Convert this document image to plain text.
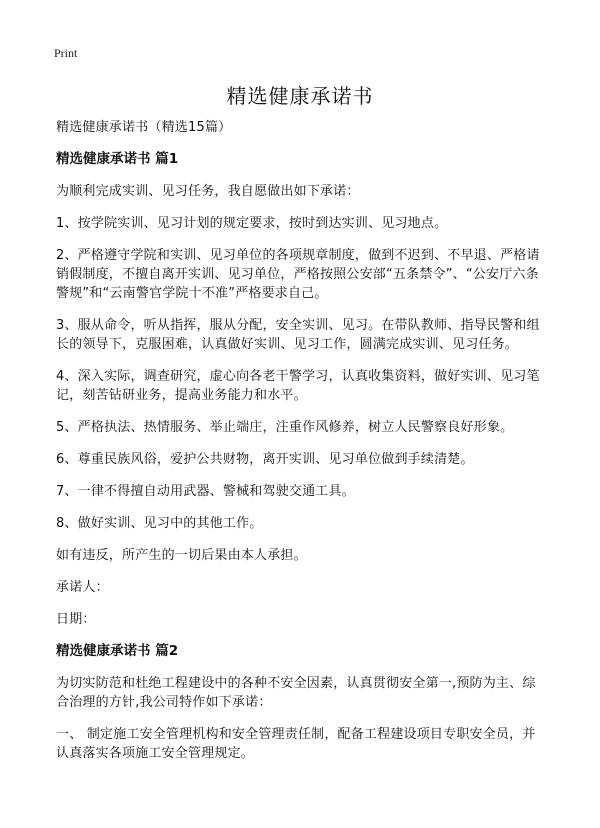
Print
精选健康承诺书

精选健康承诺书（精选15篇）

精选健康承诺书 篇1

为顺利完成实训、见习任务，我自愿做出如下承诺：

1、按学院实训、见习计划的规定要求，按时到达实训、见习地点。

2、严格遵守学院和实训、见习单位的各项规章制度，做到不迟到、不早退、严格请销假制度，不擅自离开实训、见习单位，严格按照公安部“五条禁令”、“公安厅六条警规”和“云南警官学院十不准”严格要求自己。

3、服从命令，听从指挥，服从分配，安全实训、见习。在带队教师、指导民警和组长的领导下，克服困难，认真做好实训、见习工作，圆满完成实训、见习任务。

4、深入实际，调查研究，虚心向各老干警学习，认真收集资料，做好实训、见习笔记，刻苦钻研业务，提高业务能力和水平。

5、严格执法、热情服务、举止端庄，注重作风修养，树立人民警察良好形象。

6、尊重民族风俗，爱护公共财物，离开实训、见习单位做到手续清楚。

7、一律不得擅自动用武器、警械和驾驶交通工具。

8、做好实训、见习中的其他工作。

如有违反，所产生的一切后果由本人承担。

承诺人：

日期：

精选健康承诺书 篇2

为切实防范和杜绝工程建设中的各种不安全因素，认真贯彻安全第一,预防为主、综合治理的方针,我公司特作如下承诺：

一、 制定施工安全管理机构和安全管理责任制，配备工程建设项目专职安全员，并认真落实各项施工安全管理规定。
